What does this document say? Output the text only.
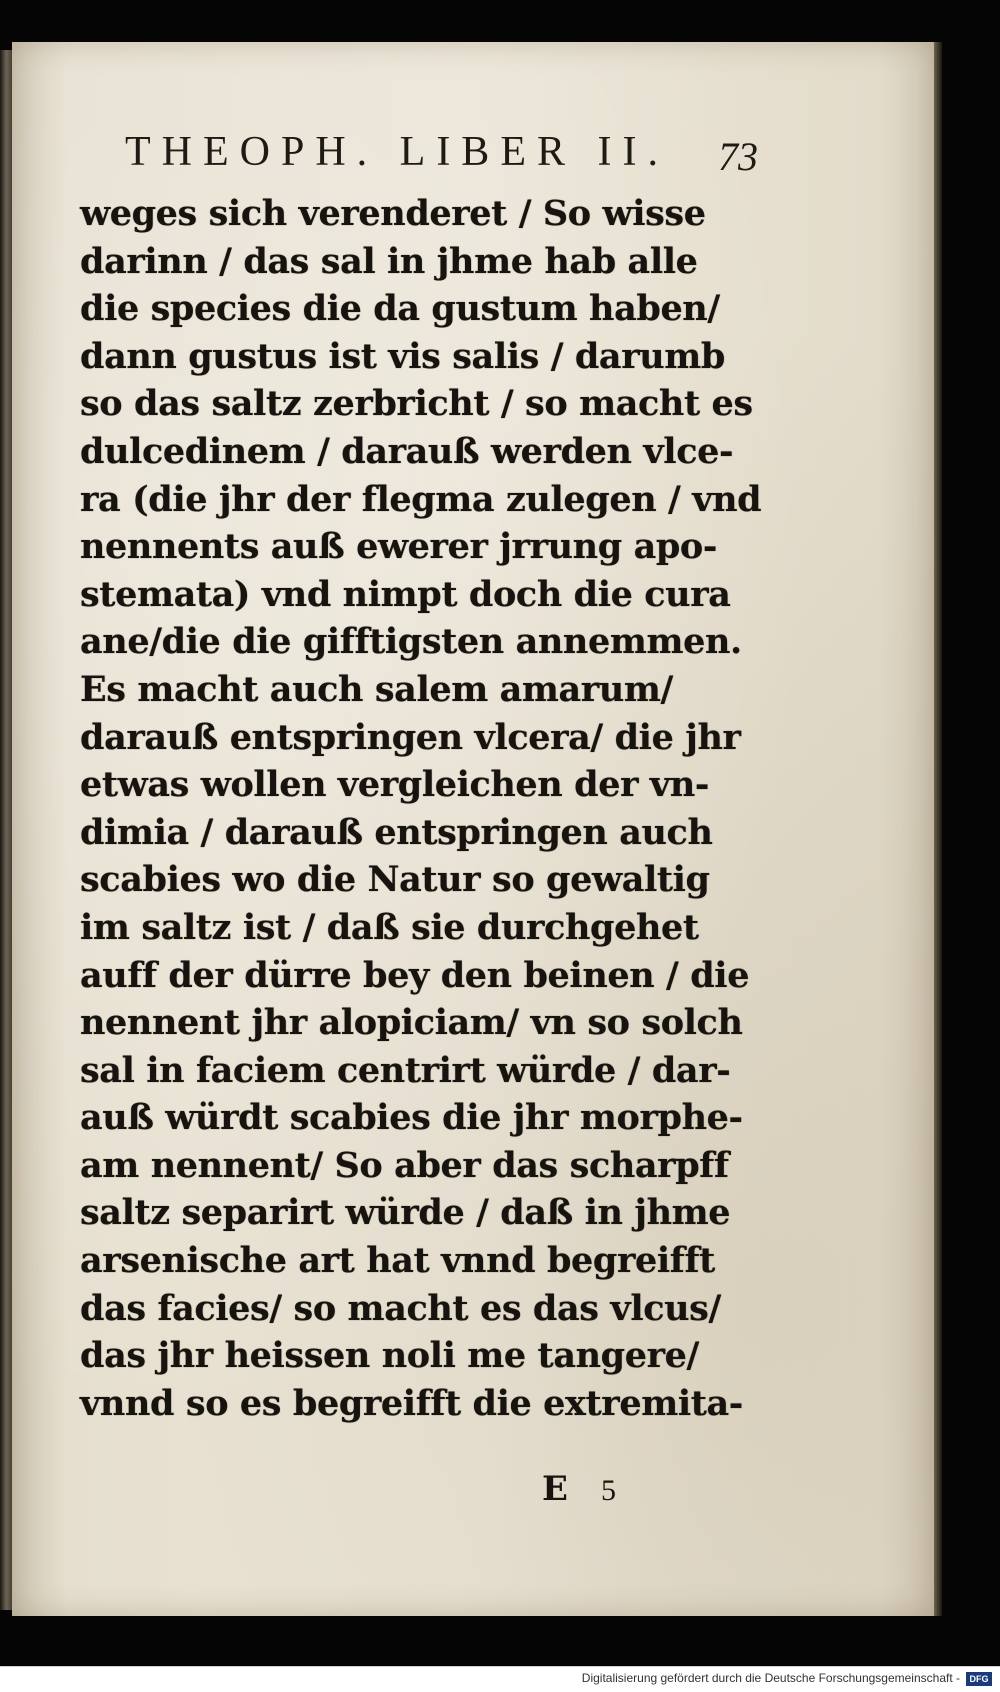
THEOPH. LIBER II.	73
weges sich verenderet / So wisse
darinn / das sal in jhme hab alle
die species die da gustum haben/
dann gustus ist vis salis / darumb
so das saltz zerbricht / so macht es
dulcedinem / darauß werden vlce-
ra (die jhr der flegma zulegen / vnd
nennents auß ewerer jrrung apo-
stemata) vnd nimpt doch die cura
ane/die die gifftigsten annemmen.
Es macht auch salem amarum/
darauß entspringen vlcera/ die jhr
etwas wollen vergleichen der vn-
dimia / darauß entspringen auch
scabies wo die Natur so gewaltig
im saltz ist / daß sie durchgehet
auff der dürre bey den beinen / die
nennent jhr alopiciam/ vn so solch
sal in faciem centrirt würde / dar-
auß würdt scabies die jhr morphe-
am nennent/ So aber das scharpff
saltz separirt würde / daß in jhme
arsenische art hat vnnd begreifft
das facies/ so macht es das vlcus/
das jhr heissen noli me tangere/
vnnd so es begreifft die extremita-
E 5
Digitalisierung gefördert durch die Deutsche Forschungsgemeinschaft -	DFG
